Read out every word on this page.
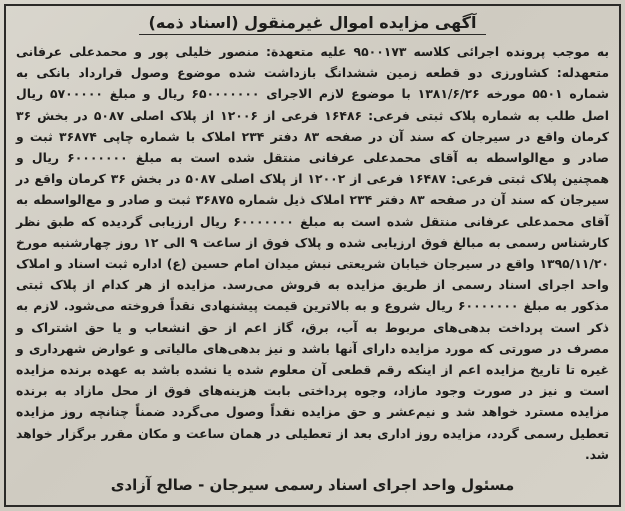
آگهی مزایده اموال غیرمنقول (اسناد ذمه)

به موجب پرونده اجرائی کلاسه ۹۵۰۰۱۷۳ علیه متعهدة: منصور خلیلی پور و محمدعلی عرفانی متعهدله: کشاورزی دو قطعه زمین ششدانگ بازداشت شده موضوع وصول قرارداد بانکی به شماره ۵۵۰۱ مورخه ۱۳۸۱/۶/۲۶ با موضوع لازم الاجرای ۶۵۰۰۰۰۰۰۰ ریال و مبلغ ۵۷۰۰۰۰۰ ریال اصل طلب به شماره پلاک ثبتی فرعی: ۱۶۴۸۶ فرعی از ۱۲۰۰۶ از پلاک اصلی ۵۰۸۷ در بخش ۳۶ کرمان واقع در سیرجان که سند آن در صفحه ۸۳ دفتر ۲۳۴ املاک با شماره چاپی ۳۶۸۷۴ ثبت و صادر و مع‌الواسطه به آقای محمدعلی عرفانی منتقل شده است به مبلغ ۶۰۰۰۰۰۰۰ ریال و همچنین پلاک ثبتی فرعی: ۱۶۴۸۷ فرعی از ۱۲۰۰۲ از پلاک اصلی ۵۰۸۷ در بخش ۳۶ کرمان واقع در سیرجان که سند آن در صفحه ۸۳ دفتر ۲۳۴ املاک ذیل شماره ۳۶۸۷۵ ثبت و صادر و مع‌الواسطه به آقای محمدعلی عرفانی منتقل شده است به مبلغ ۶۰۰۰۰۰۰۰ ریال ارزیابی گردیده که طبق نظر کارشناس رسمی به مبالغ فوق ارزیابی شده و پلاک فوق از ساعت ۹ الی ۱۲ روز چهارشنبه مورخ ۱۳۹۵/۱۱/۲۰ واقع در سیرجان خیابان شریعتی نبش میدان امام حسین (ع) اداره ثبت اسناد و املاک واحد اجرای اسناد رسمی از طریق مزایده به فروش می‌رسد. مزایده از هر کدام از پلاک ثبتی مذکور به مبلغ ۶۰۰۰۰۰۰۰ ریال شروع و به بالاترین قیمت پیشنهادی نقداً فروخته می‌شود. لازم به ذکر است پرداخت بدهی‌های مربوط به آب، برق، گاز اعم از حق انشعاب و یا حق اشتراک و مصرف در صورتی که مورد مزایده دارای آنها باشد و نیز بدهی‌های مالیاتی و عوارض شهرداری و غیره تا تاریخ مزایده اعم از اینکه رقم قطعی آن معلوم شده یا نشده باشد به عهده برنده مزایده است و نیز در صورت وجود مازاد، وجوه پرداختی بابت هزینه‌های فوق از محل مازاد به برنده مزایده مسترد خواهد شد و نیم‌عشر و حق مزایده نقداً وصول می‌گردد ضمناً چنانچه روز مزایده تعطیل رسمی گردد، مزایده روز اداری بعد از تعطیلی در همان ساعت و مکان مقرر برگزار خواهد شد.

مسئول واحد اجرای اسناد رسمی سیرجان - صالح آزادی
